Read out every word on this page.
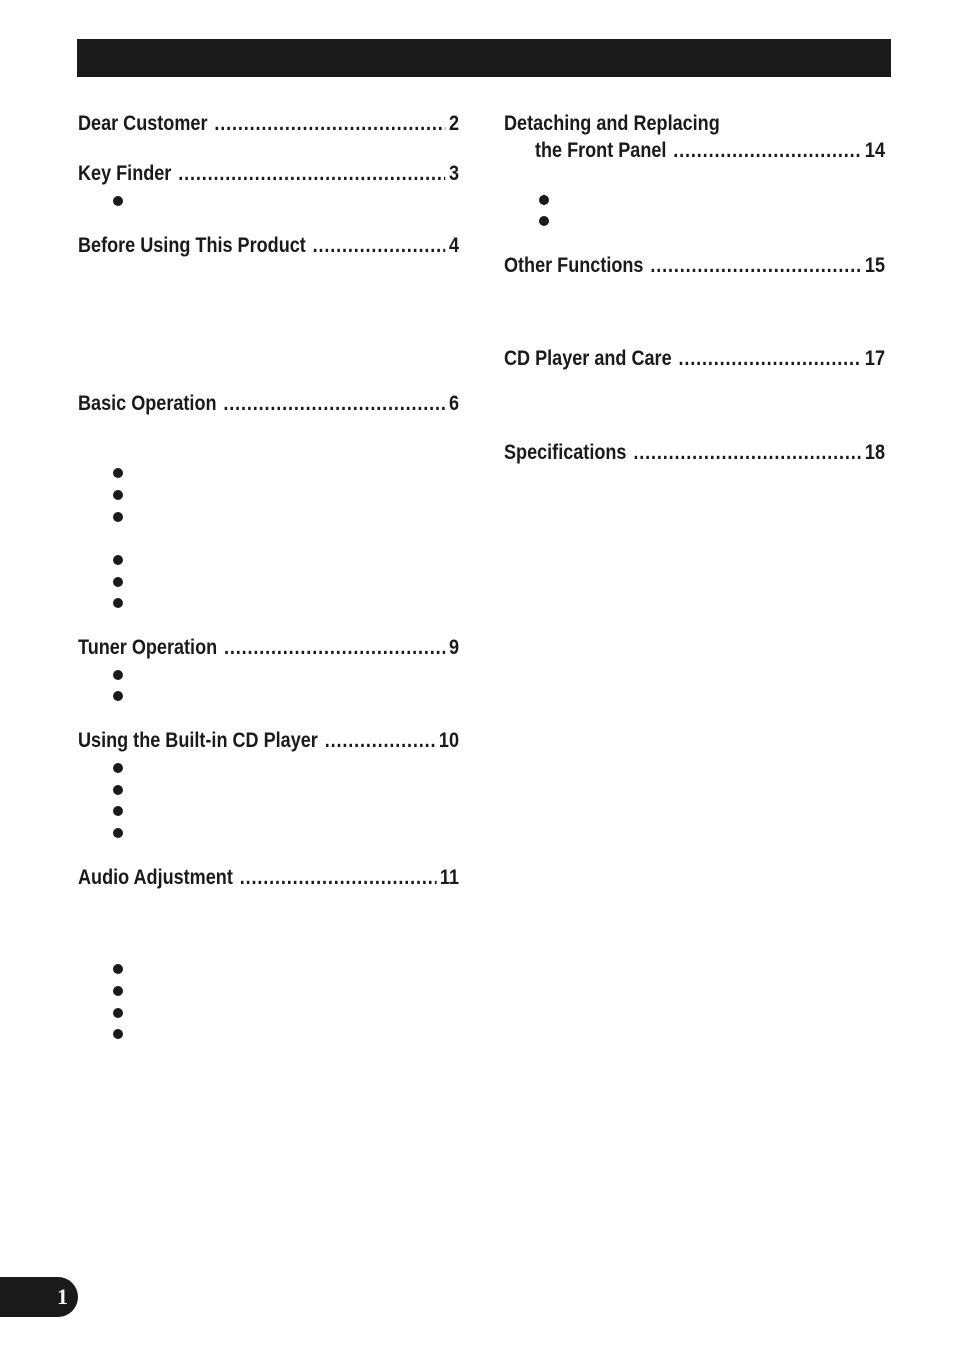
Dear Customer .....	2
Key Finder .....	3
Before Using This Product .....	4
Basic Operation .....	6
Tuner Operation .....	9
Using the Built-in CD Player .....	10
Audio Adjustment .....	11
Detaching and Replacing
the Front Panel .....	14
Other Functions .....	15
CD Player and Care .....	17
Specifications .....	18
1
